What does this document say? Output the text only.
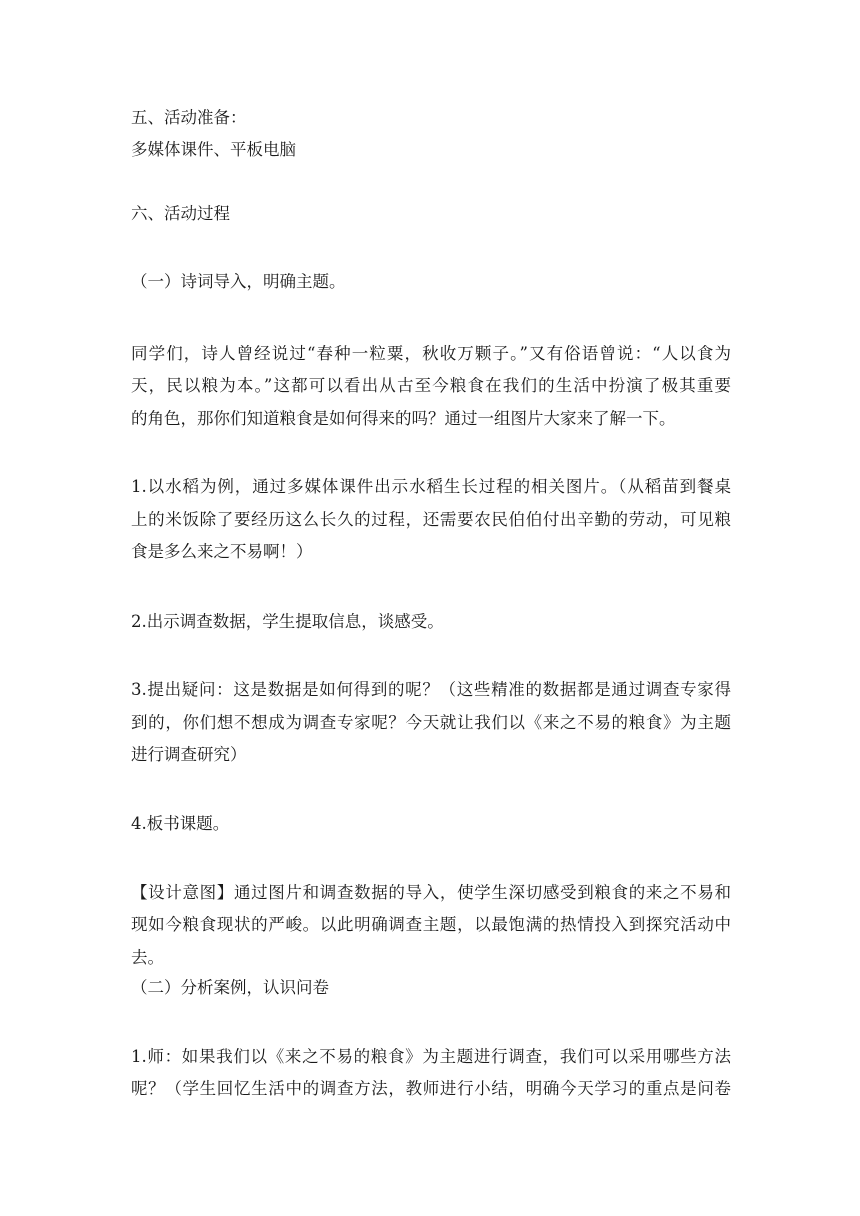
五、活动准备：

多媒体课件、平板电脑

六、活动过程

（一）诗词导入，明确主题。

同学们，诗人曾经说过“春种一粒粟，秋收万颗子。”又有俗语曾说：“人以食为

天，民以粮为本。”这都可以看出从古至今粮食在我们的生活中扮演了极其重要

的角色，那你们知道粮食是如何得来的吗？通过一组图片大家来了解一下。

1.以水稻为例，通过多媒体课件出示水稻生长过程的相关图片。（从稻苗到餐桌

上的米饭除了要经历这么长久的过程，还需要农民伯伯付出辛勤的劳动，可见粮

食是多么来之不易啊！）

2.出示调查数据，学生提取信息，谈感受。

3.提出疑问：这是数据是如何得到的呢？（这些精准的数据都是通过调查专家得

到的，你们想不想成为调查专家呢？今天就让我们以《来之不易的粮食》为主题

进行调查研究）

4.板书课题。

【设计意图】通过图片和调查数据的导入，使学生深切感受到粮食的来之不易和

现如今粮食现状的严峻。以此明确调查主题，以最饱满的热情投入到探究活动中

去。

（二）分析案例，认识问卷

1.师：如果我们以《来之不易的粮食》为主题进行调查，我们可以采用哪些方法

呢？（学生回忆生活中的调查方法，教师进行小结，明确今天学习的重点是问卷
